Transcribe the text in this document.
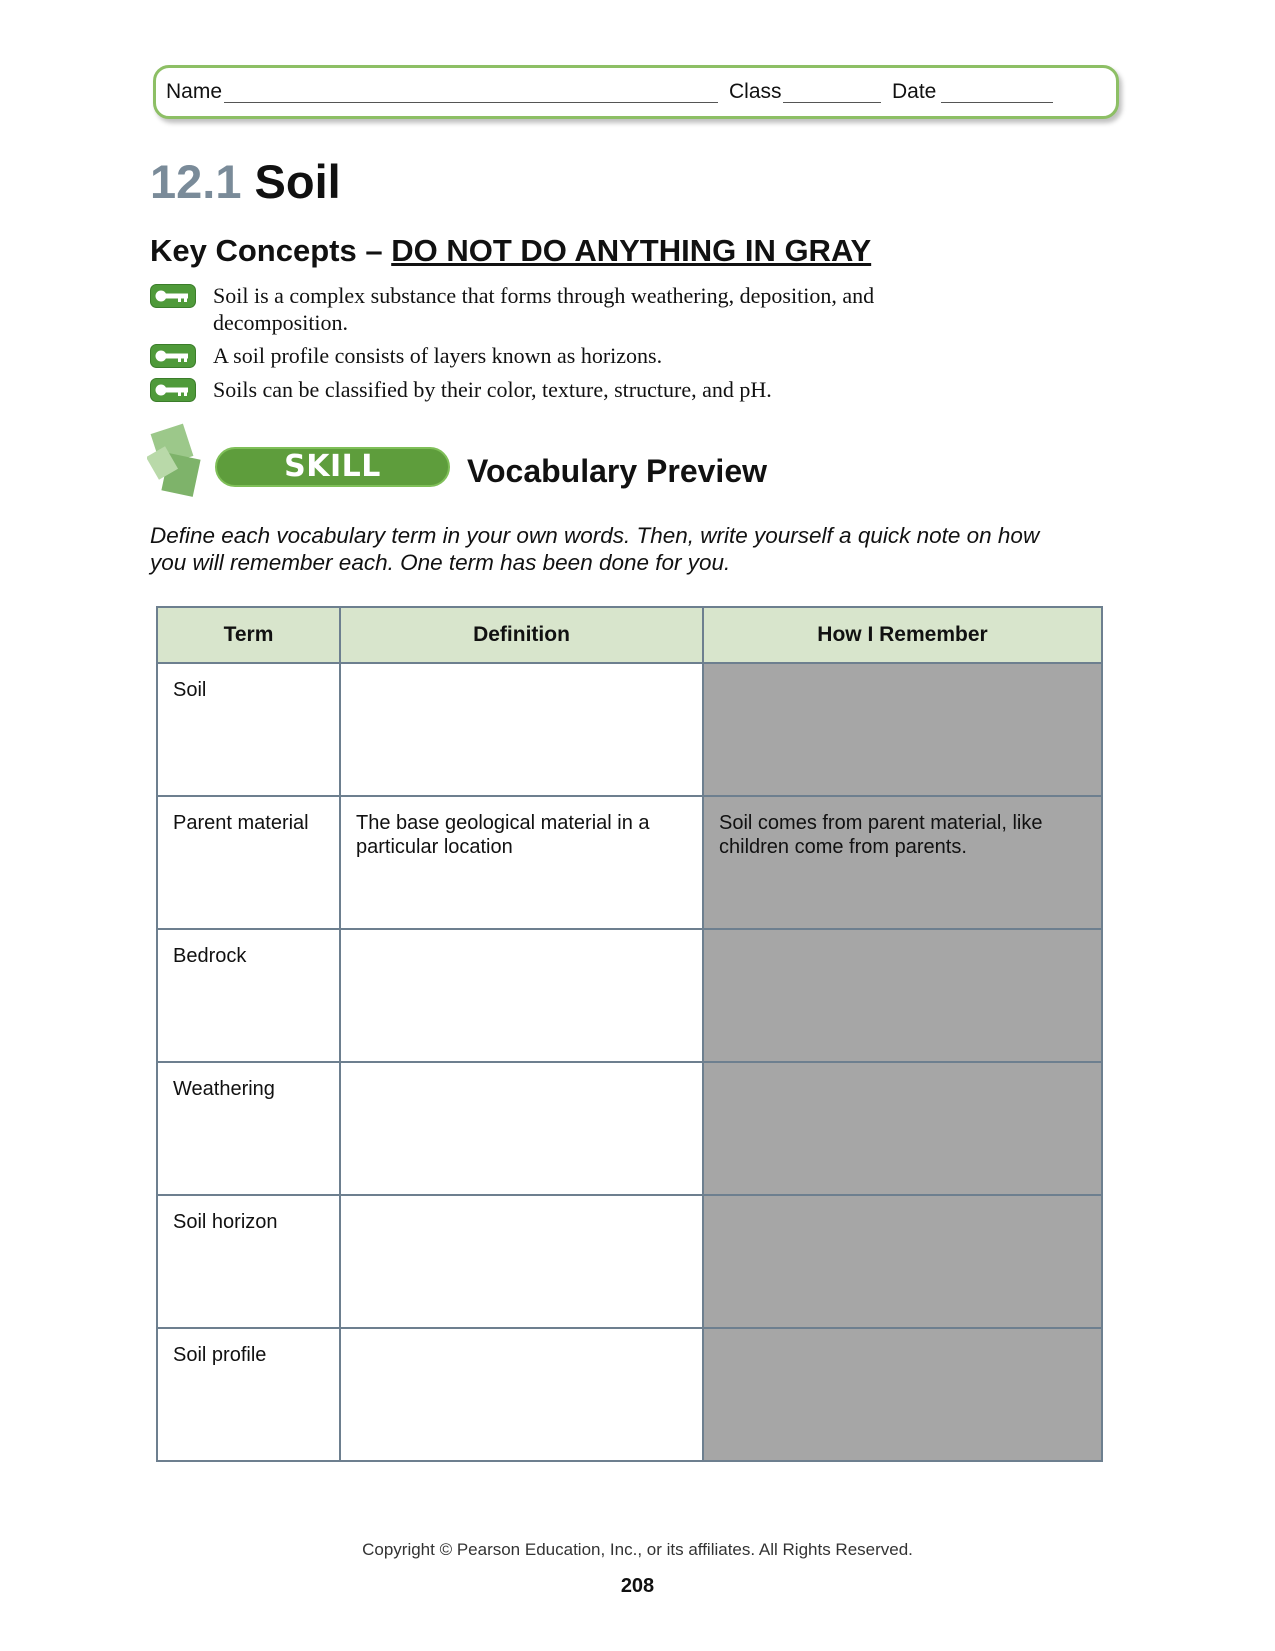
Name	Class	Date
12.1 Soil
Key Concepts – DO NOT DO ANYTHING IN GRAY
Soil is a complex substance that forms through weathering, deposition, and decomposition.
A soil profile consists of layers known as horizons.
Soils can be classified by their color, texture, structure, and pH.
SKILL BUILDER
Vocabulary Preview

Define each vocabulary term in your own words. Then, write yourself a quick note on how you will remember each. One term has been done for you.

Term	Definition	How I Remember
Soil		
Parent material	The base geological material in a particular location	Soil comes from parent material, like children come from parents.
Bedrock		
Weathering		
Soil horizon		
Soil profile		
Copyright © Pearson Education, Inc., or its affiliates. All Rights Reserved.
208
